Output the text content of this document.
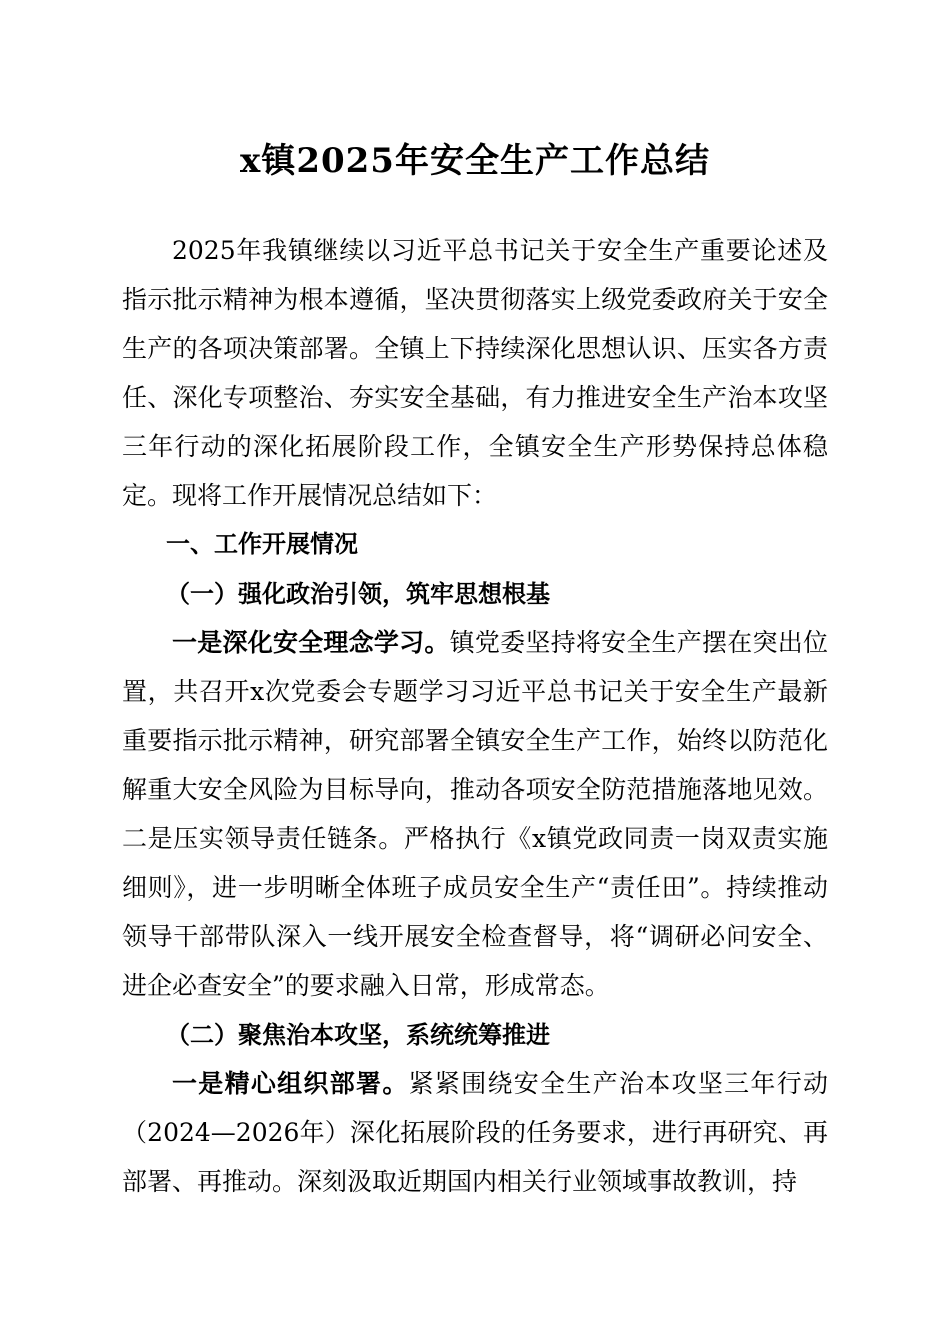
x镇2025年安全生产工作总结

2025年我镇继续以习近平总书记关于安全生产重要论述及指示批示精神为根本遵循，坚决贯彻落实上级党委政府关于安全生产的各项决策部署。全镇上下持续深化思想认识、压实各方责任、深化专项整治、夯实安全基础，有力推进安全生产治本攻坚三年行动的深化拓展阶段工作，全镇安全生产形势保持总体稳定。现将工作开展情况总结如下：

一、工作开展情况

（一）强化政治引领，筑牢思想根基

一是深化安全理念学习。镇党委坚持将安全生产摆在突出位置，共召开x次党委会专题学习习近平总书记关于安全生产最新重要指示批示精神，研究部署全镇安全生产工作，始终以防范化解重大安全风险为目标导向，推动各项安全防范措施落地见效。二是压实领导责任链条。严格执行《x镇党政同责一岗双责实施细则》，进一步明晰全体班子成员安全生产“责任田”。持续推动领导干部带队深入一线开展安全检查督导，将“调研必问安全、进企必查安全”的要求融入日常，形成常态。

（二）聚焦治本攻坚，系统统筹推进

一是精心组织部署。紧紧围绕安全生产治本攻坚三年行动（2024—2026年）深化拓展阶段的任务要求，进行再研究、再部署、再推动。深刻汲取近期国内相关行业领域事故教训，持
